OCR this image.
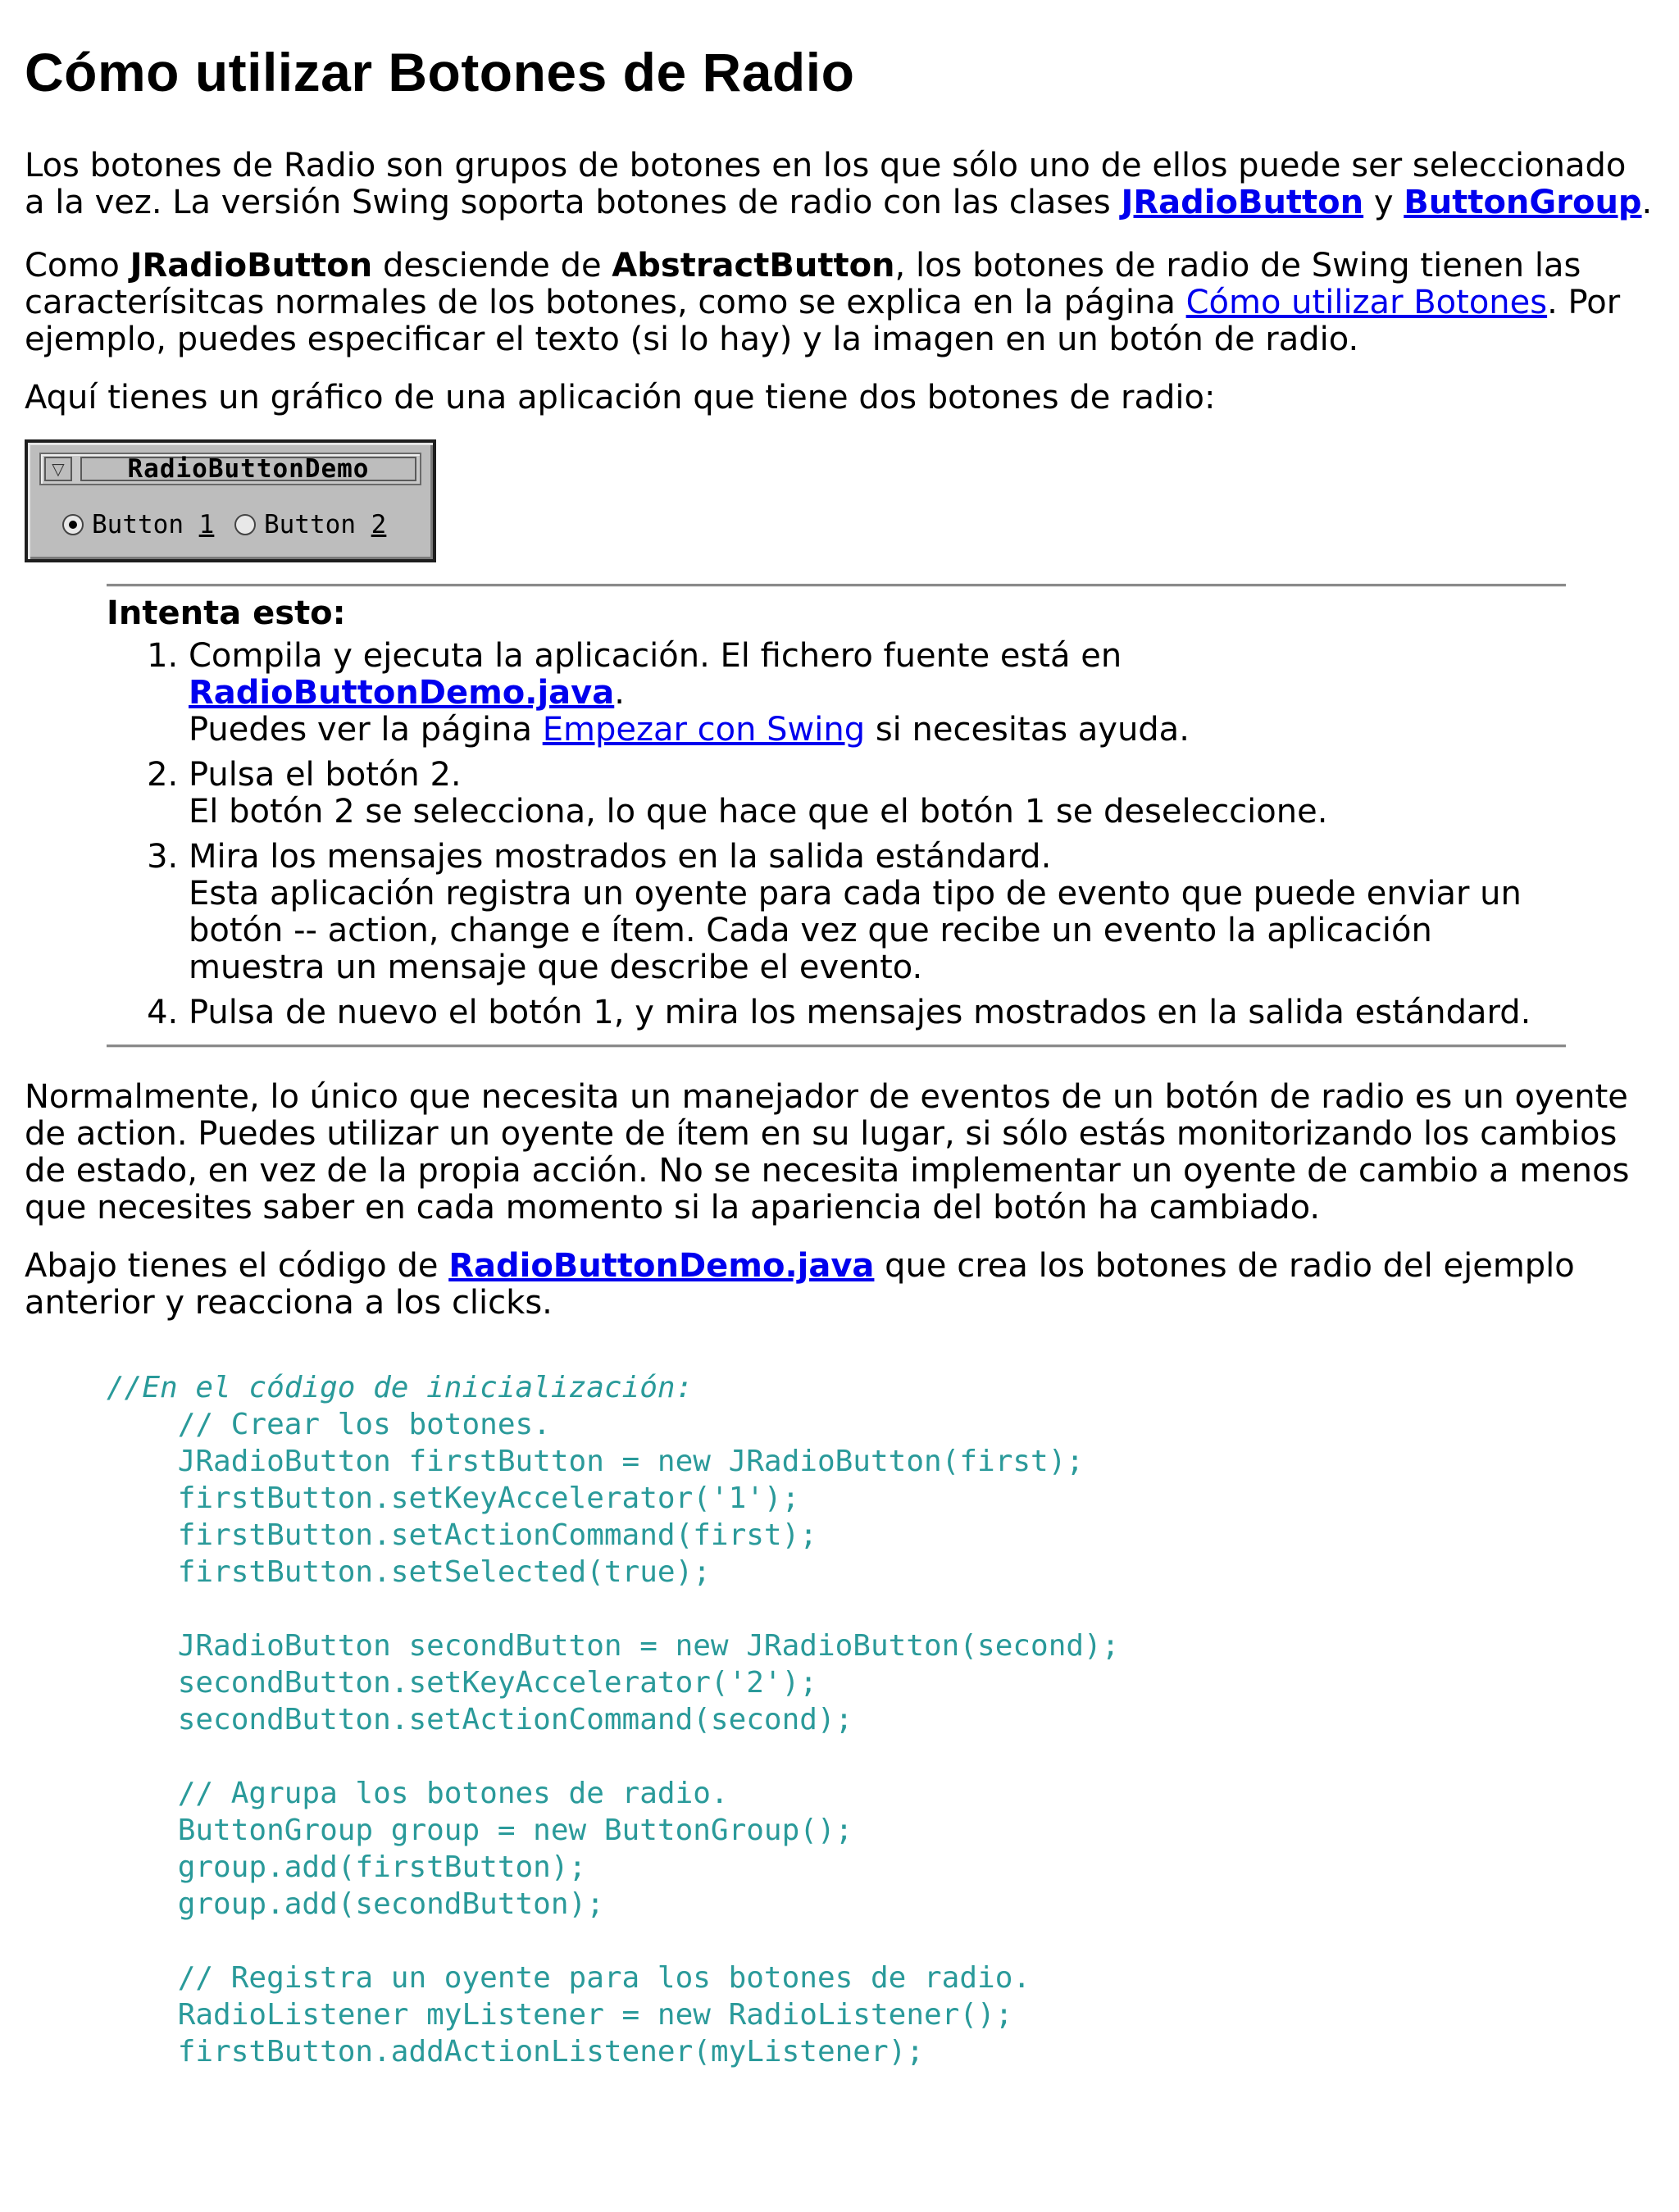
Cómo utilizar Botones de Radio

Los botones de Radio son grupos de botones en los que sólo uno de ellos puede ser seleccionado a la vez. La versión Swing soporta botones de radio con las clases JRadioButton y ButtonGroup.

Como JRadioButton desciende de AbstractButton, los botones de radio de Swing tienen las caracterísitcas normales de los botones, como se explica en la página Cómo utilizar Botones. Por ejemplo, puedes especificar el texto (si lo hay) y la imagen en un botón de radio.

Aquí tienes un gráfico de una aplicación que tiene dos botones de radio:

▽	RadioButtonDemo
Button 1 Button 2
Intenta esto:
1. Compila y ejecuta la aplicación. El fichero fuente está en RadioButtonDemo.java.
Puedes ver la página Empezar con Swing si necesitas ayuda.
2. Pulsa el botón 2.
El botón 2 se selecciona, lo que hace que el botón 1 se deseleccione.
3. Mira los mensajes mostrados en la salida estándard.
Esta aplicación registra un oyente para cada tipo de evento que puede enviar un botón -- action, change e ítem. Cada vez que recibe un evento la aplicación muestra un mensaje que describe el evento.
4. Pulsa de nuevo el botón 1, y mira los mensajes mostrados en la salida estándard.

Normalmente, lo único que necesita un manejador de eventos de un botón de radio es un oyente de action. Puedes utilizar un oyente de ítem en su lugar, si sólo estás monitorizando los cambios de estado, en vez de la propia acción. No se necesita implementar un oyente de cambio a menos que necesites saber en cada momento si la apariencia del botón ha cambiado.

Abajo tienes el código de RadioButtonDemo.java que crea los botones de radio del ejemplo anterior y reacciona a los clicks.

//En el código de inicialización:
// Crear los botones.
JRadioButton firstButton = new JRadioButton(first);
firstButton.setKeyAccelerator('1');
firstButton.setActionCommand(first);
firstButton.setSelected(true);

JRadioButton secondButton = new JRadioButton(second);
secondButton.setKeyAccelerator('2');
secondButton.setActionCommand(second);

// Agrupa los botones de radio.
ButtonGroup group = new ButtonGroup();
group.add(firstButton);
group.add(secondButton);

// Registra un oyente para los botones de radio.
RadioListener myListener = new RadioListener();
firstButton.addActionListener(myListener);
